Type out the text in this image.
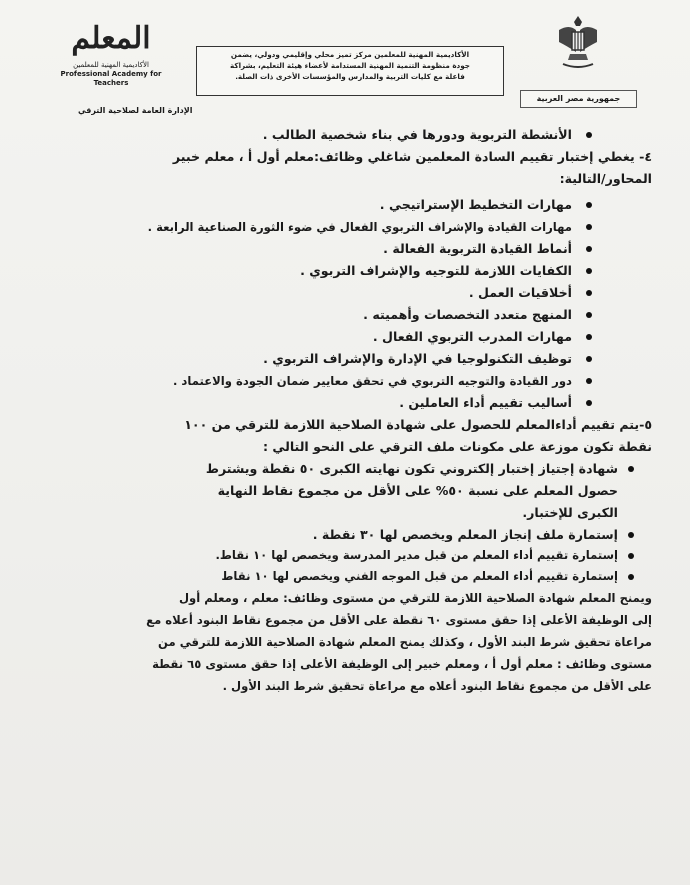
المعلم
الأكاديمية المهنية للمعلمين
Professional Academy for Teachers
الإدارة العامة لصلاحية الترقي
الأكاديمية المهنية للمعلمين مركز تميز محلي وإقليمي ودولي، يضمن
جودة منظومة التنمية المهنية المستدامة لأعضاء هيئة التعليم، بشراكة
فاعلة مع كليات التربية والمدارس والمؤسسات الأخرى ذات الصلة.
جمهورية مصر العربية
الأنشطة التربوية ودورها في بناء شخصية الطالب .
٤- يغطي إختبار تقييم السادة المعلمين شاغلي وظائف:معلم أول أ ، معلم خبير
المحاور/التالية:
مهارات التخطيط الإستراتيجي .
مهارات القيادة والإشراف التربوي الفعال في ضوء الثورة الصناعية الرابعة .
أنماط القيادة التربوية الفعالة .
الكفايات اللازمة للتوجيه والإشراف التربوي .
أخلاقيات العمل .
المنهج متعدد التخصصات وأهميته .
مهارات المدرب التربوي الفعال .
توظيف التكنولوجيا في الإدارة والإشراف التربوي .
دور القيادة والتوجيه التربوي في تحقق معايير ضمان الجودة والاعتماد .
أساليب تقييم أداء العاملين .
٥-يتم تقييم أداءالمعلم للحصول على شهادة الصلاحية اللازمة للترقي من ١٠٠
نقطة تكون موزعة على مكونات ملف الترقي على النحو التالي :
شهادة إجتياز إختبار إلكتروني تكون نهايته الكبرى ٥٠ نقطة ويشترط
حصول المعلم على نسبة ٥٠% على الأقل من مجموع نقاط النهاية
الكبرى للإختبار.
إستمارة ملف إنجاز المعلم ويخصص لها ٣٠ نقطة .
إستمارة تقييم أداء المعلم من قبل مدير المدرسة ويخصص لها ١٠ نقاط.
إستمارة تقييم أداء المعلم من قبل الموجه الفني ويخصص لها ١٠ نقاط
ويمنح المعلم شهادة الصلاحية اللازمة للترقي من مستوى وظائف: معلم ، ومعلم أول
إلى الوظيفة الأعلى إذا حقق مستوى ٦٠ نقطة على الأقل من مجموع نقاط البنود أعلاه مع
مراعاة تحقيق شرط البند الأول ، وكذلك يمنح المعلم شهادة الصلاحية اللازمة للترقي من
مستوى وظائف : معلم أول أ ، ومعلم خبير إلى الوظيفة الأعلى إذا حقق مستوى ٦٥ نقطة
على الأقل من مجموع نقاط البنود أعلاه مع مراعاة تحقيق شرط البند الأول .
